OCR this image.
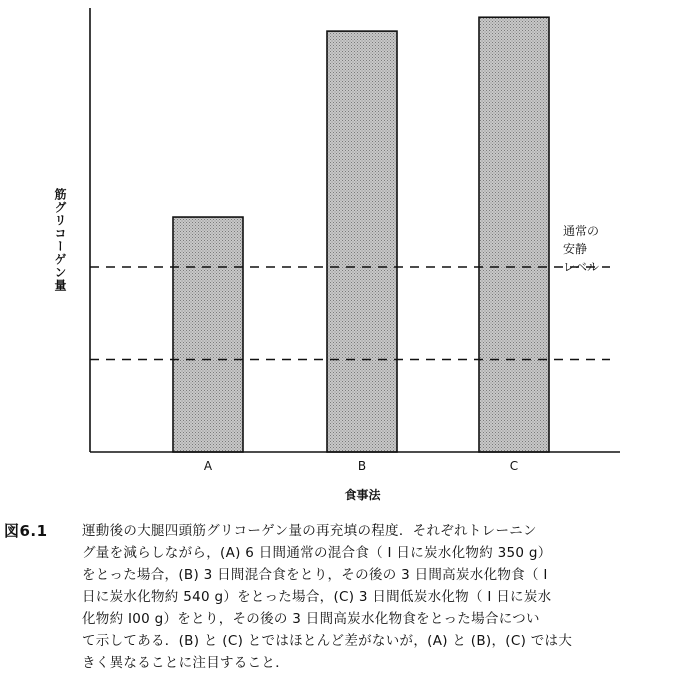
A	B	C
筋グリコーゲン量	通常の
安静
レベル
食事法
図6.1	運動後の大腿四頭筋グリコーゲン量の再充填の程度．それぞれトレーニン
グ量を減らしながら，(A) 6 日間通常の混合食（ I 日に炭水化物約 350 g）
をとった場合，(B) 3 日間混合食をとり，その後の 3 日間高炭水化物食（ I
日に炭水化物約 540 g）をとった場合，(C) 3 日間低炭水化物（ I 日に炭水
化物約 I00 g）をとり，その後の 3 日間高炭水化物食をとった場合につい
て示してある．(B) と (C) とではほとんど差がないが，(A) と (B)，(C) では大
きく異なることに注目すること．
